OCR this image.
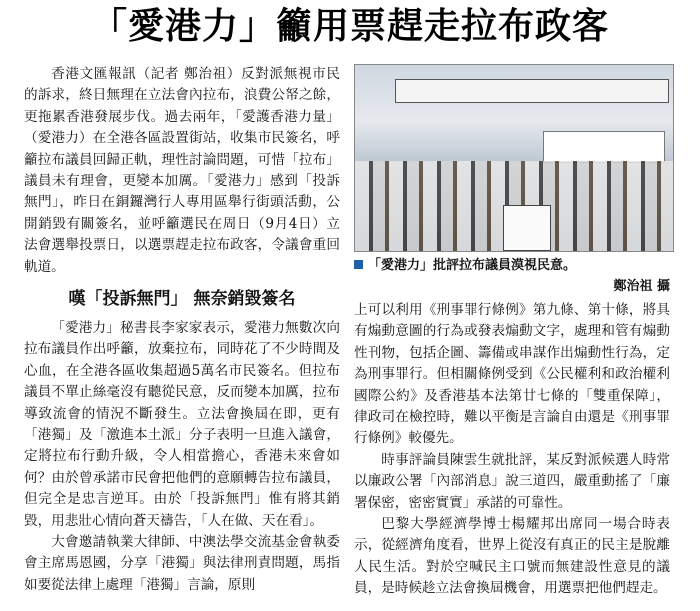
「愛港力」籲用票趕走拉布政客

香港文匯報訊（記者 鄭治祖）反對派無視市民的訴求，終日無理在立法會內拉布，浪費公帑之餘，更拖累香港發展步伐。過去兩年，「愛護香港力量」（愛港力）在全港各區設置街站，收集市民簽名，呼籲拉布議員回歸正軌，理性討論問題，可惜「拉布」議員未有理會，更變本加厲。「愛港力」感到「投訴無門」，昨日在銅鑼灣行人專用區舉行街頭活動，公開銷毀有關簽名，並呼籲選民在周日（9月4日）立法會選舉投票日，以選票趕走拉布政客，令議會重回軌道。

嘆「投訴無門」 無奈銷毀簽名

「愛港力」秘書長李家家表示，愛港力無數次向拉布議員作出呼籲，放棄拉布，同時花了不少時間及心血，在全港各區收集超過5萬名市民簽名。但拉布議員不單止絲毫沒有聽從民意，反而變本加厲，拉布導致流會的情況不斷發生。立法會換屆在即，更有「港獨」及「激進本土派」分子表明一旦進入議會，定將拉布行動升級，令人相當擔心，香港未來會如何？由於曾承諾市民會把他們的意願轉告拉布議員，但完全是忠言逆耳。由於「投訴無門」惟有將其銷毀，用悲壯心情向蒼天禱告，「人在做、天在看」。

大會邀請執業大律師、中澳法學交流基金會執委會主席馬恩國，分享「港獨」與法律刑責問題，馬指如要從法律上處理「港獨」言論，原則

「愛港力」批評拉布議員漠視民意。
鄭治祖 攝

上可以利用《刑事罪行條例》第九條、第十條，將具有煽動意圖的行為或發表煽動文字，處理和管有煽動性刊物，包括企圖、籌備或串謀作出煽動性行為，定為刑事罪行。但相關條例受到《公民權利和政治權利國際公約》及香港基本法第廿七條的「雙重保障」，律政司在檢控時，難以平衡是言論自由還是《刑事罪行條例》較優先。

時事評論員陳雲生就批評，某反對派候選人時常以廉政公署「內部消息」說三道四，嚴重動搖了「廉署保密，密密實實」承諾的可靠性。

巴黎大學經濟學博士楊耀邦出席同一場合時表示，從經濟角度看，世界上從沒有真正的民主是脫離人民生活。對於空喊民主口號而無建設性意見的議員，是時候趁立法會換屆機會，用選票把他們趕走。
